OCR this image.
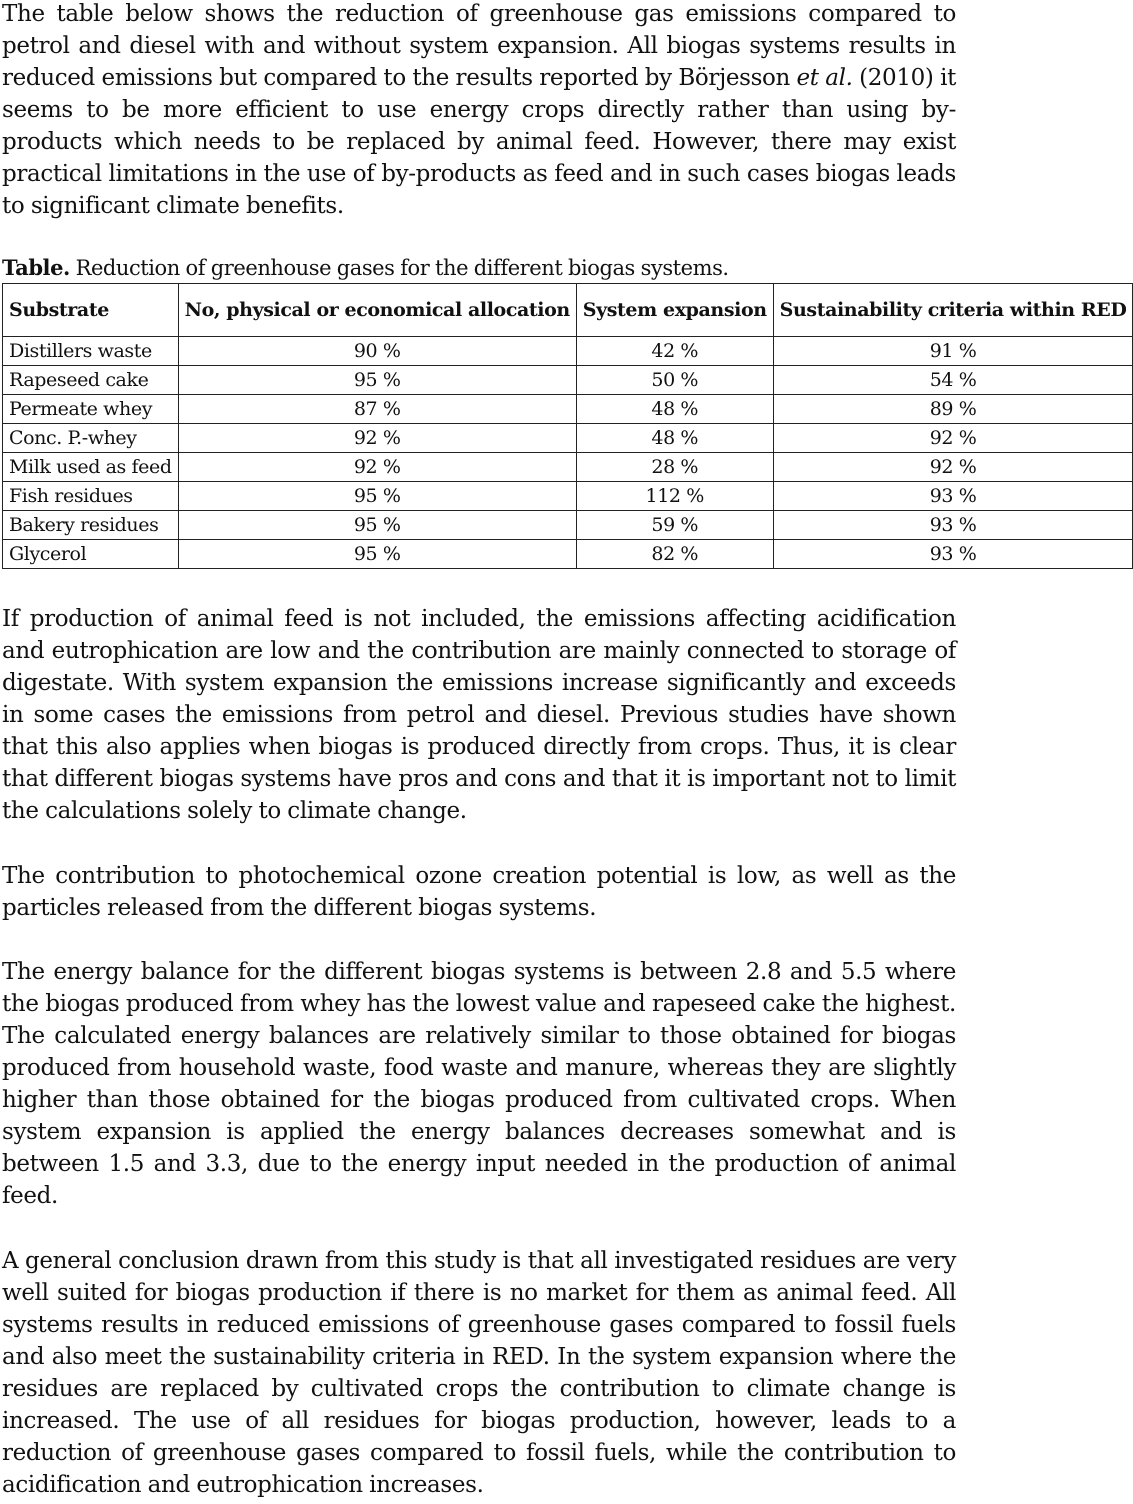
The table below shows the reduction of greenhouse gas emissions compared to petrol and diesel with and without system expansion. All biogas systems results in reduced emissions but compared to the results reported by Börjesson et al. (2010) it seems to be more efficient to use energy crops directly rather than using by-products which needs to be replaced by animal feed. However, there may exist practical limitations in the use of by-products as feed and in such cases biogas leads to significant climate benefits.

Table. Reduction of greenhouse gases for the different biogas systems.
Substrate	No, physical or economical allocation	System expansion	Sustainability criteria within RED
Distillers waste	90 %	42 %	91 %
Rapeseed cake	95 %	50 %	54 %
Permeate whey	87 %	48 %	89 %
Conc. P.-whey	92 %	48 %	92 %
Milk used as feed	92 %	28 %	92 %
Fish residues	95 %	112 %	93 %
Bakery residues	95 %	59 %	93 %
Glycerol	95 %	82 %	93 %

If production of animal feed is not included, the emissions affecting acidification and eutrophication are low and the contribution are mainly connected to storage of digestate. With system expansion the emissions increase significantly and exceeds in some cases the emissions from petrol and diesel. Previous studies have shown that this also applies when biogas is produced directly from crops. Thus, it is clear that different biogas systems have pros and cons and that it is important not to limit the calculations solely to climate change.

The contribution to photochemical ozone creation potential is low, as well as the particles released from the different biogas systems.

The energy balance for the different biogas systems is between 2.8 and 5.5 where the biogas produced from whey has the lowest value and rapeseed cake the highest. The calculated energy balances are relatively similar to those obtained for biogas produced from household waste, food waste and manure, whereas they are slightly higher than those obtained for the biogas produced from cultivated crops. When system expansion is applied the energy balances decreases somewhat and is between 1.5 and 3.3, due to the energy input needed in the production of animal feed.

A general conclusion drawn from this study is that all investigated residues are very well suited for biogas production if there is no market for them as animal feed. All systems results in reduced emissions of greenhouse gases compared to fossil fuels and also meet the sustainability criteria in RED. In the system expansion where the residues are replaced by cultivated crops the contribution to climate change is increased. The use of all residues for biogas production, however, leads to a reduction of greenhouse gases compared to fossil fuels, while the contribution to acidification and eutrophication increases.
